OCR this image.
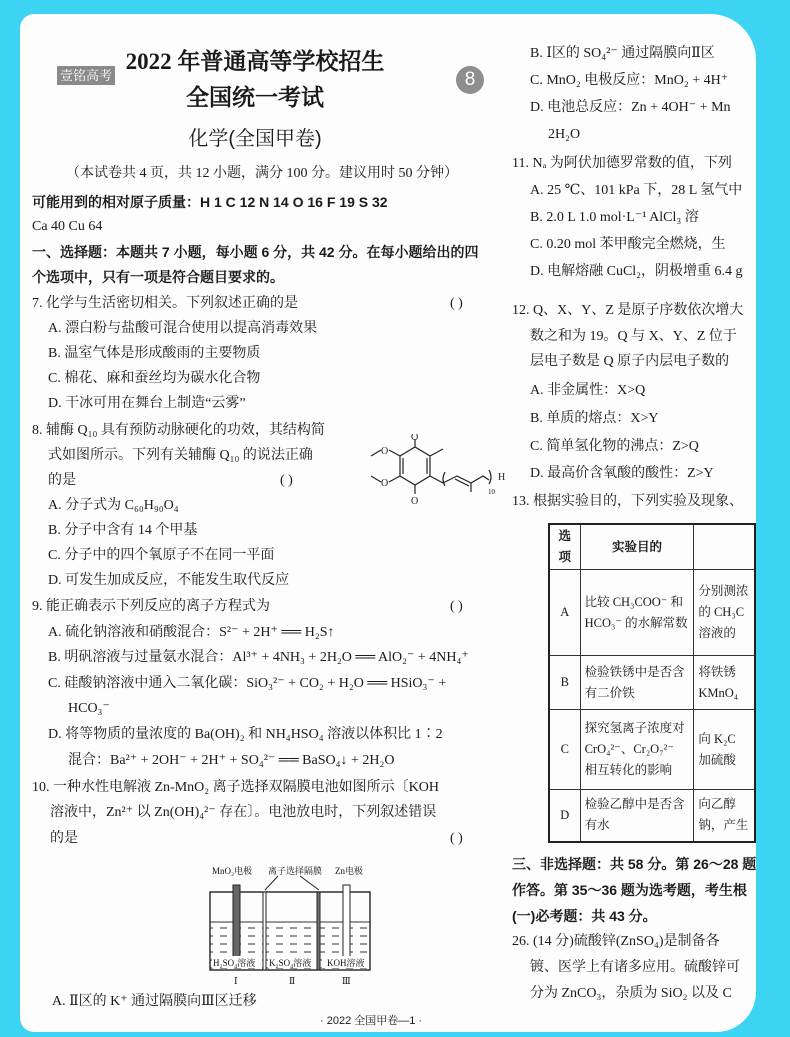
壹铭高考
2022 年普通高等学校招生
全国统一考试
8
化学(全国甲卷)
（本试卷共 4 页，共 12 小题，满分 100 分。建议用时 50 分钟）
可能用到的相对原子质量：H 1 C 12 N 14 O 16 F 19 S 32
Ca 40 Cu 64
一、选择题：本题共 7 小题，每小题 6 分，共 42 分。在每小题给出的四
个选项中，只有一项是符合题目要求的。
7. 化学与生活密切相关。下列叙述正确的是
A. 漂白粉与盐酸可混合使用以提高消毒效果
B. 温室气体是形成酸雨的主要物质
C. 棉花、麻和蚕丝均为碳水化合物
D. 干冰可用在舞台上制造“云雾”
8. 辅酶 Q₁₀ 具有预防动脉硬化的功效，其结构简
式如图所示。下列有关辅酶 Q₁₀ 的说法正确
的是
A. 分子式为 C₆₀H₉₀O₄
B. 分子中含有 14 个甲基
C. 分子中的四个氧原子不在同一平面
D. 可发生加成反应，不能发生取代反应
9. 能正确表示下列反应的离子方程式为
A. 硫化钠溶液和硝酸混合：S²⁻ + 2H⁺ ══ H₂S↑
B. 明矾溶液与过量氨水混合：Al³⁺ + 4NH₃ + 2H₂O ══ AlO₂⁻ + 4NH₄⁺
C. 硅酸钠溶液中通入二氧化碳：SiO₃²⁻ + CO₂ + H₂O ══ HSiO₃⁻ +
HCO₃⁻
D. 将等物质的量浓度的 Ba(OH)₂ 和 NH₄HSO₄ 溶液以体积比 1∶2
混合：Ba²⁺ + 2OH⁻ + 2H⁺ + SO₄²⁻ ══ BaSO₄↓ + 2H₂O
10. 一种水性电解液 Zn-MnO₂ 离子选择双隔膜电池如图所示〔KOH
溶液中，Zn²⁺ 以 Zn(OH)₄²⁻ 存在〕。电池放电时，下列叙述错误
的是
A. Ⅱ区的 K⁺ 通过隔膜向Ⅲ区迁移
B. Ⅰ区的 SO₄²⁻ 通过隔膜向Ⅱ区
C. MnO₂ 电极反应：MnO₂ + 4H⁺
D. 电池总反应：Zn + 4OH⁻ + Mn
2H₂O
11. Nₐ 为阿伏加德罗常数的值，下列
A. 25 ℃、101 kPa 下，28 L 氢气中
B. 2.0 L 1.0 mol·L⁻¹ AlCl₃ 溶
C. 0.20 mol 苯甲酸完全燃烧，生
D. 电解熔融 CuCl₂，阴极增重 6.4 g
12. Q、X、Y、Z 是原子序数依次增大
数之和为 19。Q 与 X、Y、Z 位于
层电子数是 Q 原子内层电子数的
A. 非金属性：X>Q
B. 单质的熔点：X>Y
C. 简单氢化物的沸点：Z>Q
D. 最高价含氧酸的酸性：Z>Y
13. 根据实验目的，下列实验及现象、
三、非选择题：共 58 分。第 26～28 题
作答。第 35～36 题为选考题，考生根
(一)必考题：共 43 分。
26. (14 分)硫酸锌(ZnSO₄)是制备各
镀、医学上有诸多应用。硫酸锌可
分为 ZnCO₃，杂质为 SiO₂ 以及 C
( )
( )
( )
( )
O
O
O
O
H
10
MnO₂电极 离子选择隔膜 Zn电极
H₂SO₄溶液 K₂SO₄溶液 KOH溶液
Ⅰ	Ⅱ	Ⅲ
选项	实验目的	
A	比较 CH₃COO⁻ 和 HCO₃⁻ 的水解常数	分别测浓 的 CH₃C 溶液的
B	检验铁锈中是否含有二价铁	将铁锈 KMnO₄
C	探究氢离子浓度对 CrO₄²⁻、Cr₂O₇²⁻ 相互转化的影响	向 K₂C 加硫酸
D	检验乙醇中是否含有水	向乙醇 钠，产生
· 2022 全国甲卷—1 ·
